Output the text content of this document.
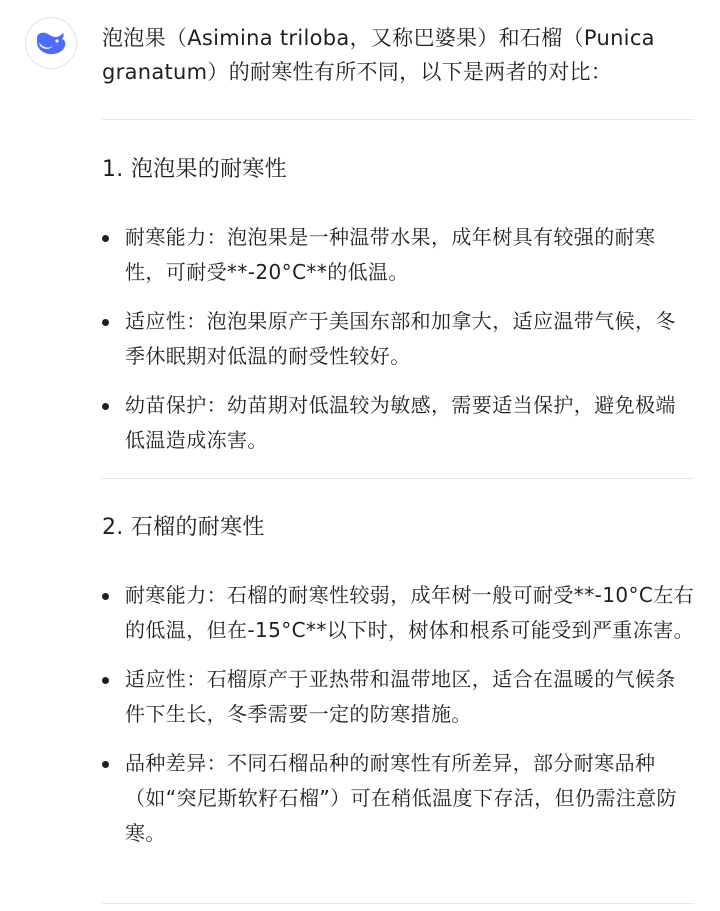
泡泡果（Asimina triloba，又称巴婆果）和石榴（Punica granatum）的耐寒性有所不同，以下是两者的对比：
1. 泡泡果的耐寒性
耐寒能力：泡泡果是一种温带水果，成年树具有较强的耐寒性，可耐受**-20°C**的低温。
适应性：泡泡果原产于美国东部和加拿大，适应温带气候，冬季休眠期对低温的耐受性较好。
幼苗保护：幼苗期对低温较为敏感，需要适当保护，避免极端低温造成冻害。
2. 石榴的耐寒性
耐寒能力：石榴的耐寒性较弱，成年树一般可耐受**-10°C左右的低温，但在-15°C**以下时，树体和根系可能受到严重冻害。
适应性：石榴原产于亚热带和温带地区，适合在温暖的气候条件下生长，冬季需要一定的防寒措施。
品种差异：不同石榴品种的耐寒性有所差异，部分耐寒品种（如“突尼斯软籽石榴”）可在稍低温度下存活，但仍需注意防寒。
